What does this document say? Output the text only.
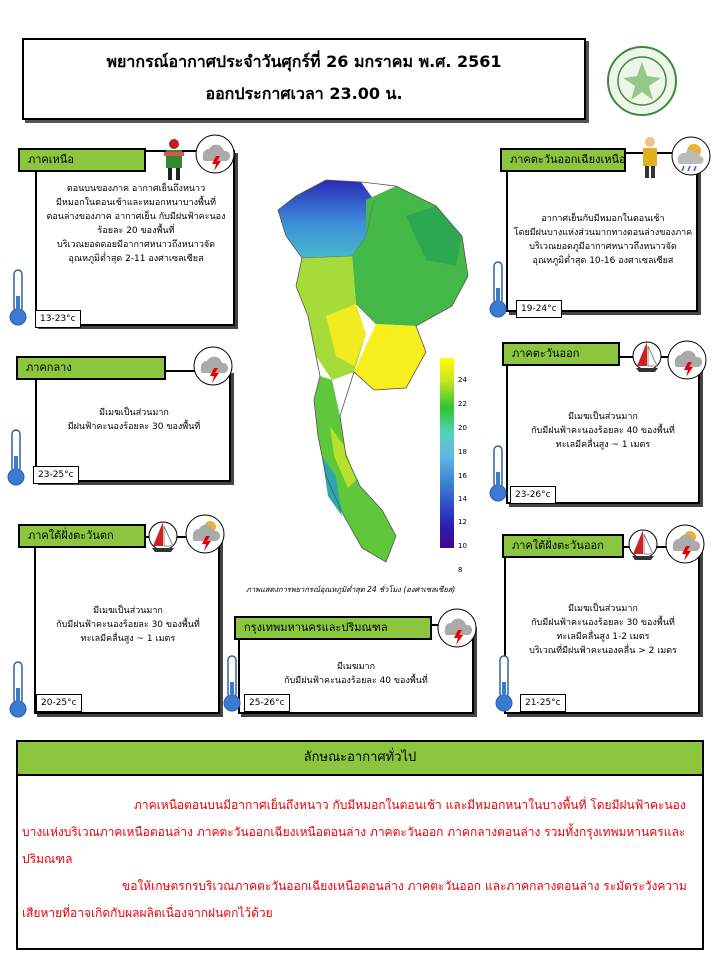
พยากรณ์อากาศประจำวันศุกร์ที่ 26 มกราคม พ.ศ. 2561
ออกประกาศเวลา 23.00 น.
ภาคเหนือ
ตอนบนของภาค อากาศเย็นถึงหนาว
มีหมอกในตอนเช้าและหมอกหนาบางพื้นที่
ตอนล่างของภาค อากาศเย็น กับมีฝนฟ้าคะนอง
ร้อยละ 20 ของพื้นที่
บริเวณยอดดอยมีอากาศหนาวถึงหนาวจัด
อุณหภูมิต่ำสุด 2-11 องศาเซลเซียส
13-23°c
ภาคตะวันออกเฉียงเหนือ
อากาศเย็นกับมีหมอกในตอนเช้า
โดยมีฝนบางแห่งส่วนมากทางตอนล่างของภาค
บริเวณยอดภูมีอากาศหนาวถึงหนาวจัด
อุณหภูมิต่ำสุด 10-16 องศาเซลเซียส
19-24°c
ภาคกลาง
มีเมฆเป็นส่วนมาก
มีฝนฟ้าคะนองร้อยละ 30 ของพื้นที่
23-25°c
ภาคตะวันออก
มีเมฆเป็นส่วนมาก
กับมีฝนฟ้าคะนองร้อยละ 40 ของพื้นที่
ทะเลมีคลื่นสูง ~ 1 เมตร
23-26°c
ภาคใต้ฝั่งตะวันตก
มีเมฆเป็นส่วนมาก
กับมีฝนฟ้าคะนองร้อยละ 30 ของพื้นที่
ทะเลมีคลื่นสูง ~ 1 เมตร
20-25°c
กรุงเทพมหานครและปริมณฑล
มีเมฆมาก
กับมีฝนฟ้าคะนองร้อยละ 40 ของพื้นที่
25-26°c
ภาคใต้ฝั่งตะวันออก
มีเมฆเป็นส่วนมาก
กับมีฝนฟ้าคะนองร้อยละ 30 ของพื้นที่
ทะเลมีคลื่นสูง 1-2 เมตร
บริเวณที่มีฝนฟ้าคะนองคลื่น > 2 เมตร
21-25°c
24
22
20
18
16
14
12
10
8
ภาพแสดงการพยากรณ์อุณหภูมิต่ำสุด 24 ชั่วโมง (องศาเซลเซียส)
ลักษณะอากาศทั่วไป

ภาคเหนือตอนบนมีอากาศเย็นถึงหนาว กับมีหมอกในตอนเช้า และมีหมอกหนาในบางพื้นที่ โดยมีฝนฟ้าคะนองบางแห่งบริเวณภาคเหนือตอนล่าง ภาคตะวันออกเฉียงเหนือตอนล่าง ภาคตะวันออก ภาคกลางตอนล่าง รวมทั้งกรุงเทพมหานครและปริมณฑล

ขอให้เกษตรกรบริเวณภาคตะวันออกเฉียงเหนือตอนล่าง ภาคตะวันออก และภาคกลางตอนล่าง ระมัดระวังความเสียหายที่อาจเกิดกับผลผลิตเนื่องจากฝนตกไว้ด้วย
